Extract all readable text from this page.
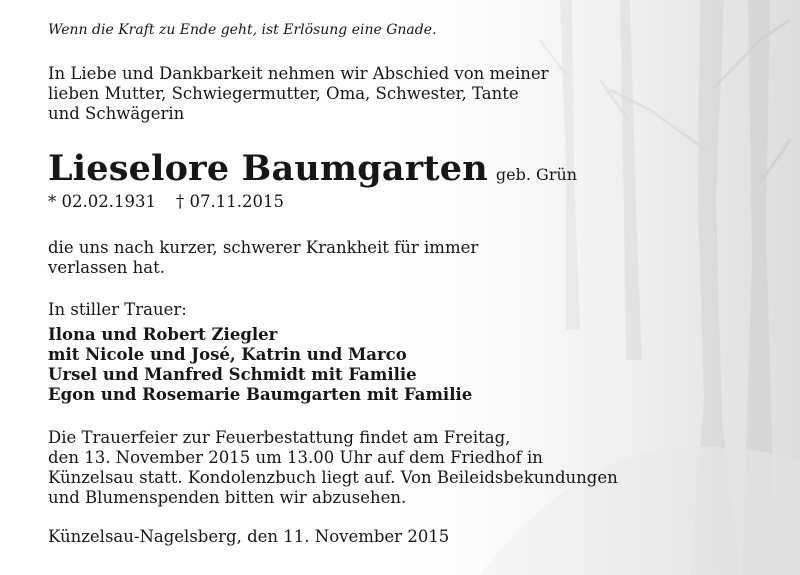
Wenn die Kraft zu Ende geht, ist Erlösung eine Gnade.

In Liebe und Dankbarkeit nehmen wir Abschied von meiner
lieben Mutter, Schwiegermutter, Oma, Schwester, Tante
und Schwägerin

Lieselore Baumgarten geb. Grün

* 02.02.1931 † 07.11.2015

die uns nach kurzer, schwerer Krankheit für immer
verlassen hat.

In stiller Trauer:

Ilona und Robert Ziegler
mit Nicole und José, Katrin und Marco
Ursel und Manfred Schmidt mit Familie
Egon und Rosemarie Baumgarten mit Familie

Die Trauerfeier zur Feuerbestattung findet am Freitag,
den 13. November 2015 um 13.00 Uhr auf dem Friedhof in
Künzelsau statt. Kondolenzbuch liegt auf. Von Beileidsbekundungen
und Blumenspenden bitten wir abzusehen.

Künzelsau-Nagelsberg, den 11. November 2015
